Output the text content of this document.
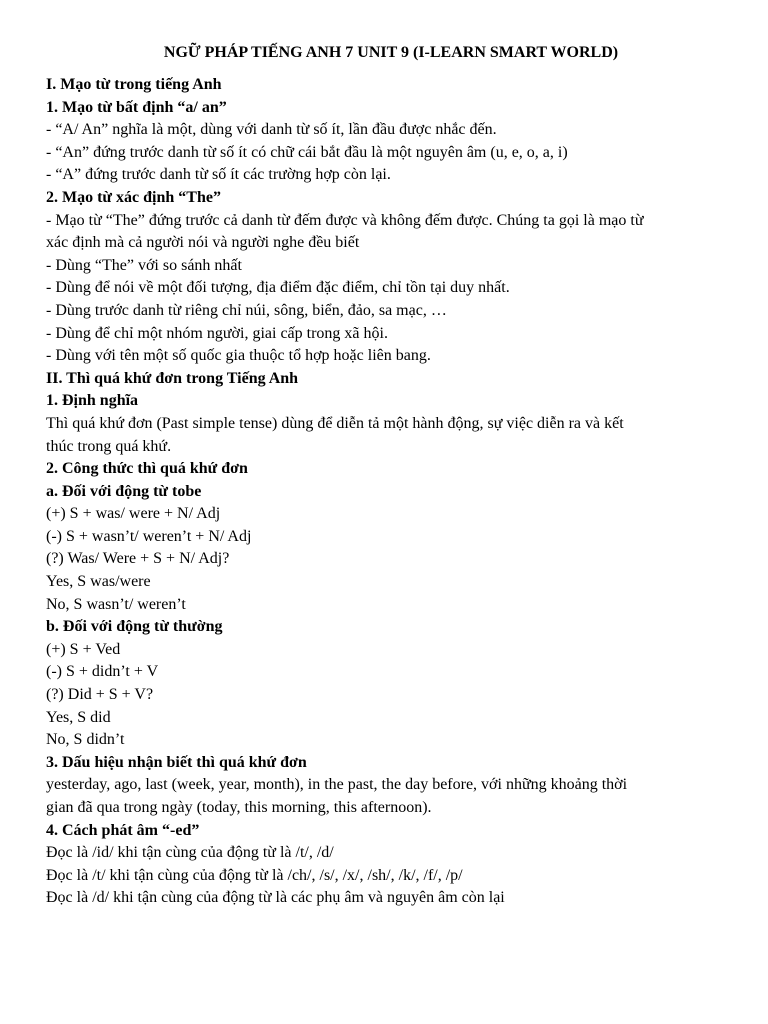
NGỮ PHÁP TIẾNG ANH 7 UNIT 9 (I-LEARN SMART WORLD)
I. Mạo từ trong tiếng Anh
1. Mạo từ bất định “a/ an”
- “A/ An” nghĩa là một, dùng với danh từ số ít, lần đầu được nhắc đến.
- “An” đứng trước danh từ số ít có chữ cái bắt đầu là một nguyên âm (u, e, o, a, i)
- “A” đứng trước danh từ số ít các trường hợp còn lại.
2. Mạo từ xác định “The”
- Mạo từ “The” đứng trước cả danh từ đếm được và không đếm được. Chúng ta gọi là mạo từ
xác định mà cả người nói và người nghe đều biết
- Dùng “The” với so sánh nhất
- Dùng để nói về một đối tượng, địa điểm đặc điểm, chỉ tồn tại duy nhất.
- Dùng trước danh từ riêng chỉ núi, sông, biển, đảo, sa mạc, …
- Dùng để chỉ một nhóm người, giai cấp trong xã hội.
- Dùng với tên một số quốc gia thuộc tổ hợp hoặc liên bang.
II. Thì quá khứ đơn trong Tiếng Anh
1. Định nghĩa
Thì quá khứ đơn (Past simple tense) dùng để diễn tả một hành động, sự việc diễn ra và kết
thúc trong quá khứ.
2. Công thức thì quá khứ đơn
a. Đối với động từ tobe
(+) S + was/ were + N/ Adj
(-) S + wasn’t/ weren’t + N/ Adj
(?) Was/ Were + S + N/ Adj?
Yes, S was/were
No, S wasn’t/ weren’t
b. Đối với động từ thường
(+) S + Ved
(-) S + didn’t + V
(?) Did + S + V?
Yes, S did
No, S didn’t
3. Dấu hiệu nhận biết thì quá khứ đơn
yesterday, ago, last (week, year, month), in the past, the day before, với những khoảng thời
gian đã qua trong ngày (today, this morning, this afternoon).
4. Cách phát âm “-ed”
Đọc là /id/ khi tận cùng của động từ là /t/, /d/
Đọc là /t/ khi tận cùng của động từ là /ch/, /s/, /x/, /sh/, /k/, /f/, /p/
Đọc là /d/ khi tận cùng của động từ là các phụ âm và nguyên âm còn lại
